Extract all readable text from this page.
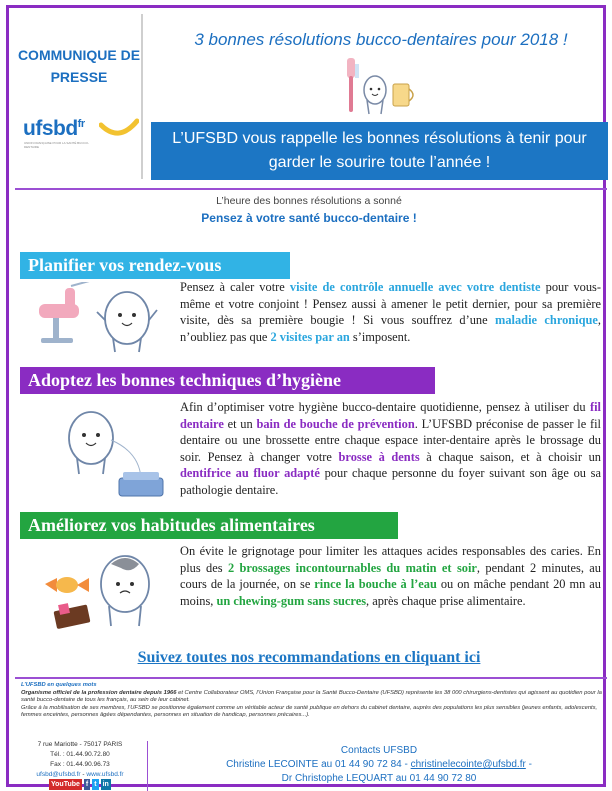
COMMUNIQUE DE PRESSE
ufsbd$^{fr}$
UNION FRANÇAISE POUR LA SANTÉ BUCCO-DENTAIRE
3 bonnes résolutions bucco-dentaires pour 2018 !
L’UFSBD vous rappelle les bonnes résolutions à tenir pour garder le sourire toute l’année !
L’heure des bonnes résolutions a sonné
Pensez à votre santé bucco-dentaire !
Planifier vos rendez-vous
Pensez à caler votre visite de contrôle annuelle avec votre dentiste pour vous-même et votre conjoint ! Pensez aussi à amener le petit dernier, pour sa première visite, dès sa première bougie ! Si vous souffrez d’une maladie chronique, n’oubliez pas que 2 visites par an s’imposent.
Adoptez les bonnes techniques d’hygiène
Afin d’optimiser votre hygiène bucco-dentaire quotidienne, pensez à utiliser du fil dentaire et un bain de bouche de prévention. L’UFSBD préconise de passer le fil dentaire ou une brossette entre chaque espace inter-dentaire après le brossage du soir. Pensez à changer votre brosse à dents à chaque saison, et à choisir un dentifrice au fluor adapté pour chaque personne du foyer suivant son âge ou sa pathologie dentaire.
Améliorez vos habitudes alimentaires
On évite le grignotage pour limiter les attaques acides responsables des caries. En plus des 2 brossages incontournables du matin et soir, pendant 2 minutes, au cours de la journée, on se rince la bouche à l’eau ou on mâche pendant 20 mn au moins, un chewing-gum sans sucres, après chaque prise alimentaire.
Suivez toutes nos recommandations en cliquant ici
L’UFSBD en quelques mots
Organisme officiel de la profession dentaire depuis 1966 et Centre Collaborateur OMS, l’Union Française pour la Santé Bucco-Dentaire (UFSBD) représente les 38 000 chirurgiens-dentistes qui agissent au quotidien pour la santé bucco-dentaire de tous les français, au sein de leur cabinet.
Grâce à la mobilisation de ses membres, l’UFSBD se positionne également comme un véritable acteur de santé publique en dehors du cabinet dentaire, auprès des populations les plus sensibles (jeunes enfants, adolescents, femmes enceintes, personnes âgées dépendantes, personnes en situation de handicap, personnes précaires...).
7 rue Mariotte - 75017 PARIS
Tél. : 01.44.90.72.80
Fax : 01.44.90.96.73
ufsbd@ufsbd.fr - www.ufsbd.fr
YouTube f t in
Contacts UFSBD
Christine LECOINTE au 01 44 90 72 84 - christinelecointe@ufsbd.fr -
Dr Christophe LEQUART au 01 44 90 72 80
